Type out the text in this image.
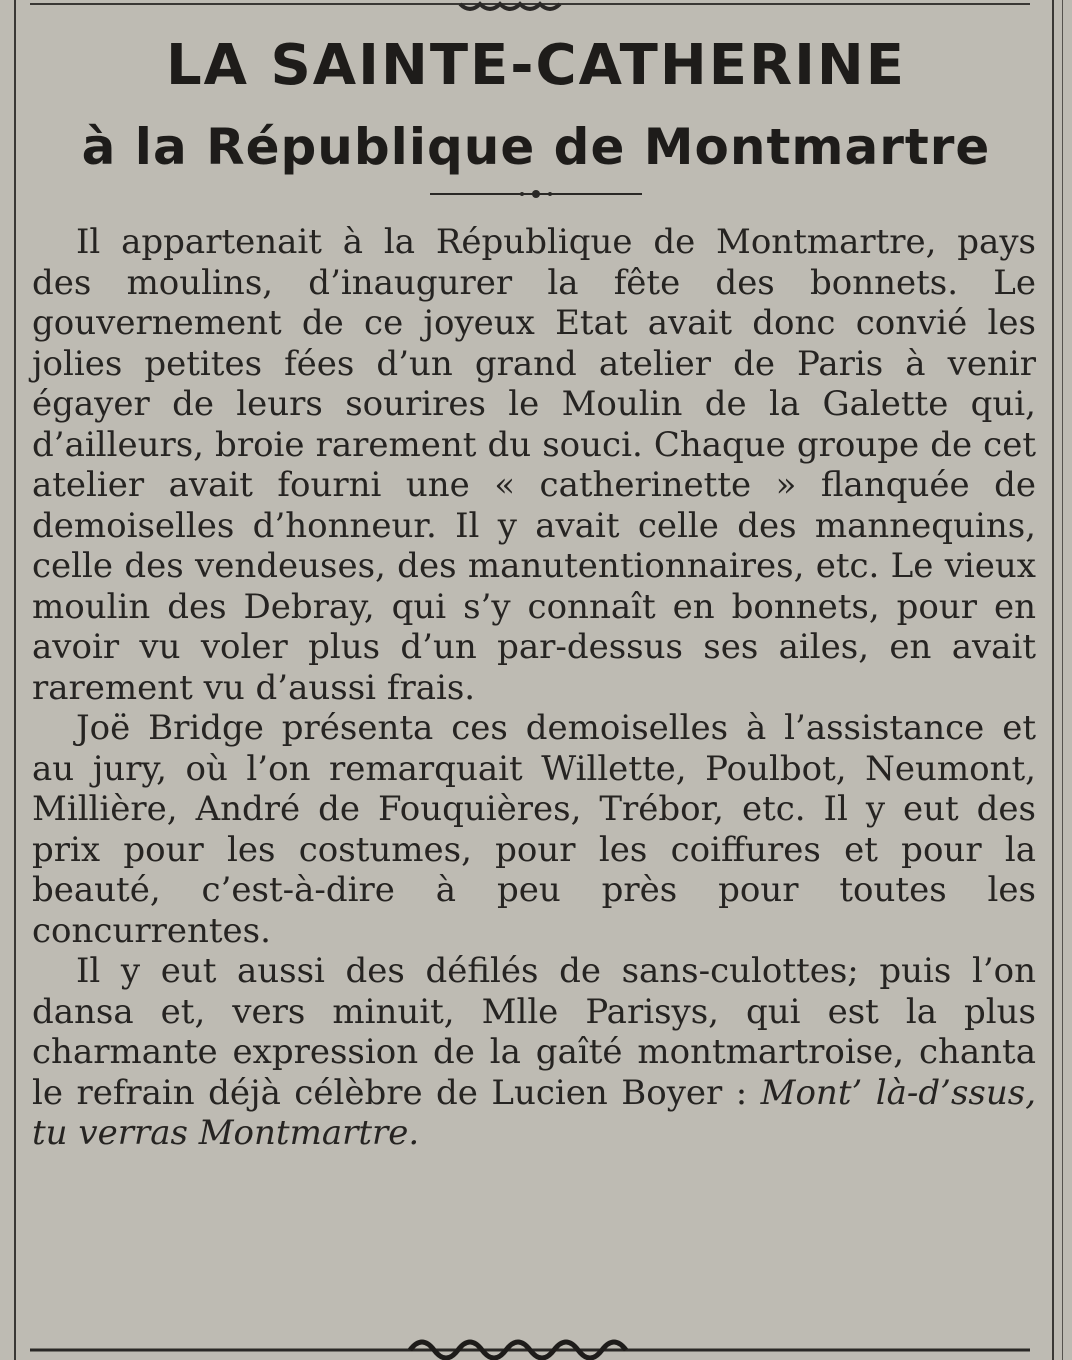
LA SAINTE-CATHERINE
à la République de Montmartre

Il appartenait à la République de Montmartre, pays des moulins, d’inaugurer la fête des bonnets. Le gouvernement de ce joyeux Etat avait donc convié les jolies petites fées d’un grand atelier de Paris à venir égayer de leurs sourires le Moulin de la Galette qui, d’ailleurs, broie rarement du souci. Chaque groupe de cet atelier avait fourni une « catherinette » flanquée de demoiselles d’honneur. Il y avait celle des mannequins, celle des vendeuses, des manutentionnaires, etc. Le vieux moulin des Debray, qui s’y connaît en bonnets, pour en avoir vu voler plus d’un par-dessus ses ailes, en avait rarement vu d’aussi frais.

Joë Bridge présenta ces demoiselles à l’assistance et au jury, où l’on remarquait Willette, Poulbot, Neumont, Millière, André de Fouquières, Trébor, etc. Il y eut des prix pour les costumes, pour les coiffures et pour la beauté, c’est-à-dire à peu près pour toutes les concurrentes.

Il y eut aussi des défilés de sans-culottes; puis l’on dansa et, vers minuit, Mlle Parisys, qui est la plus charmante expression de la gaîté montmartroise, chanta le refrain déjà célèbre de Lucien Boyer : Mont’ là-d’ssus, tu verras Montmartre.
